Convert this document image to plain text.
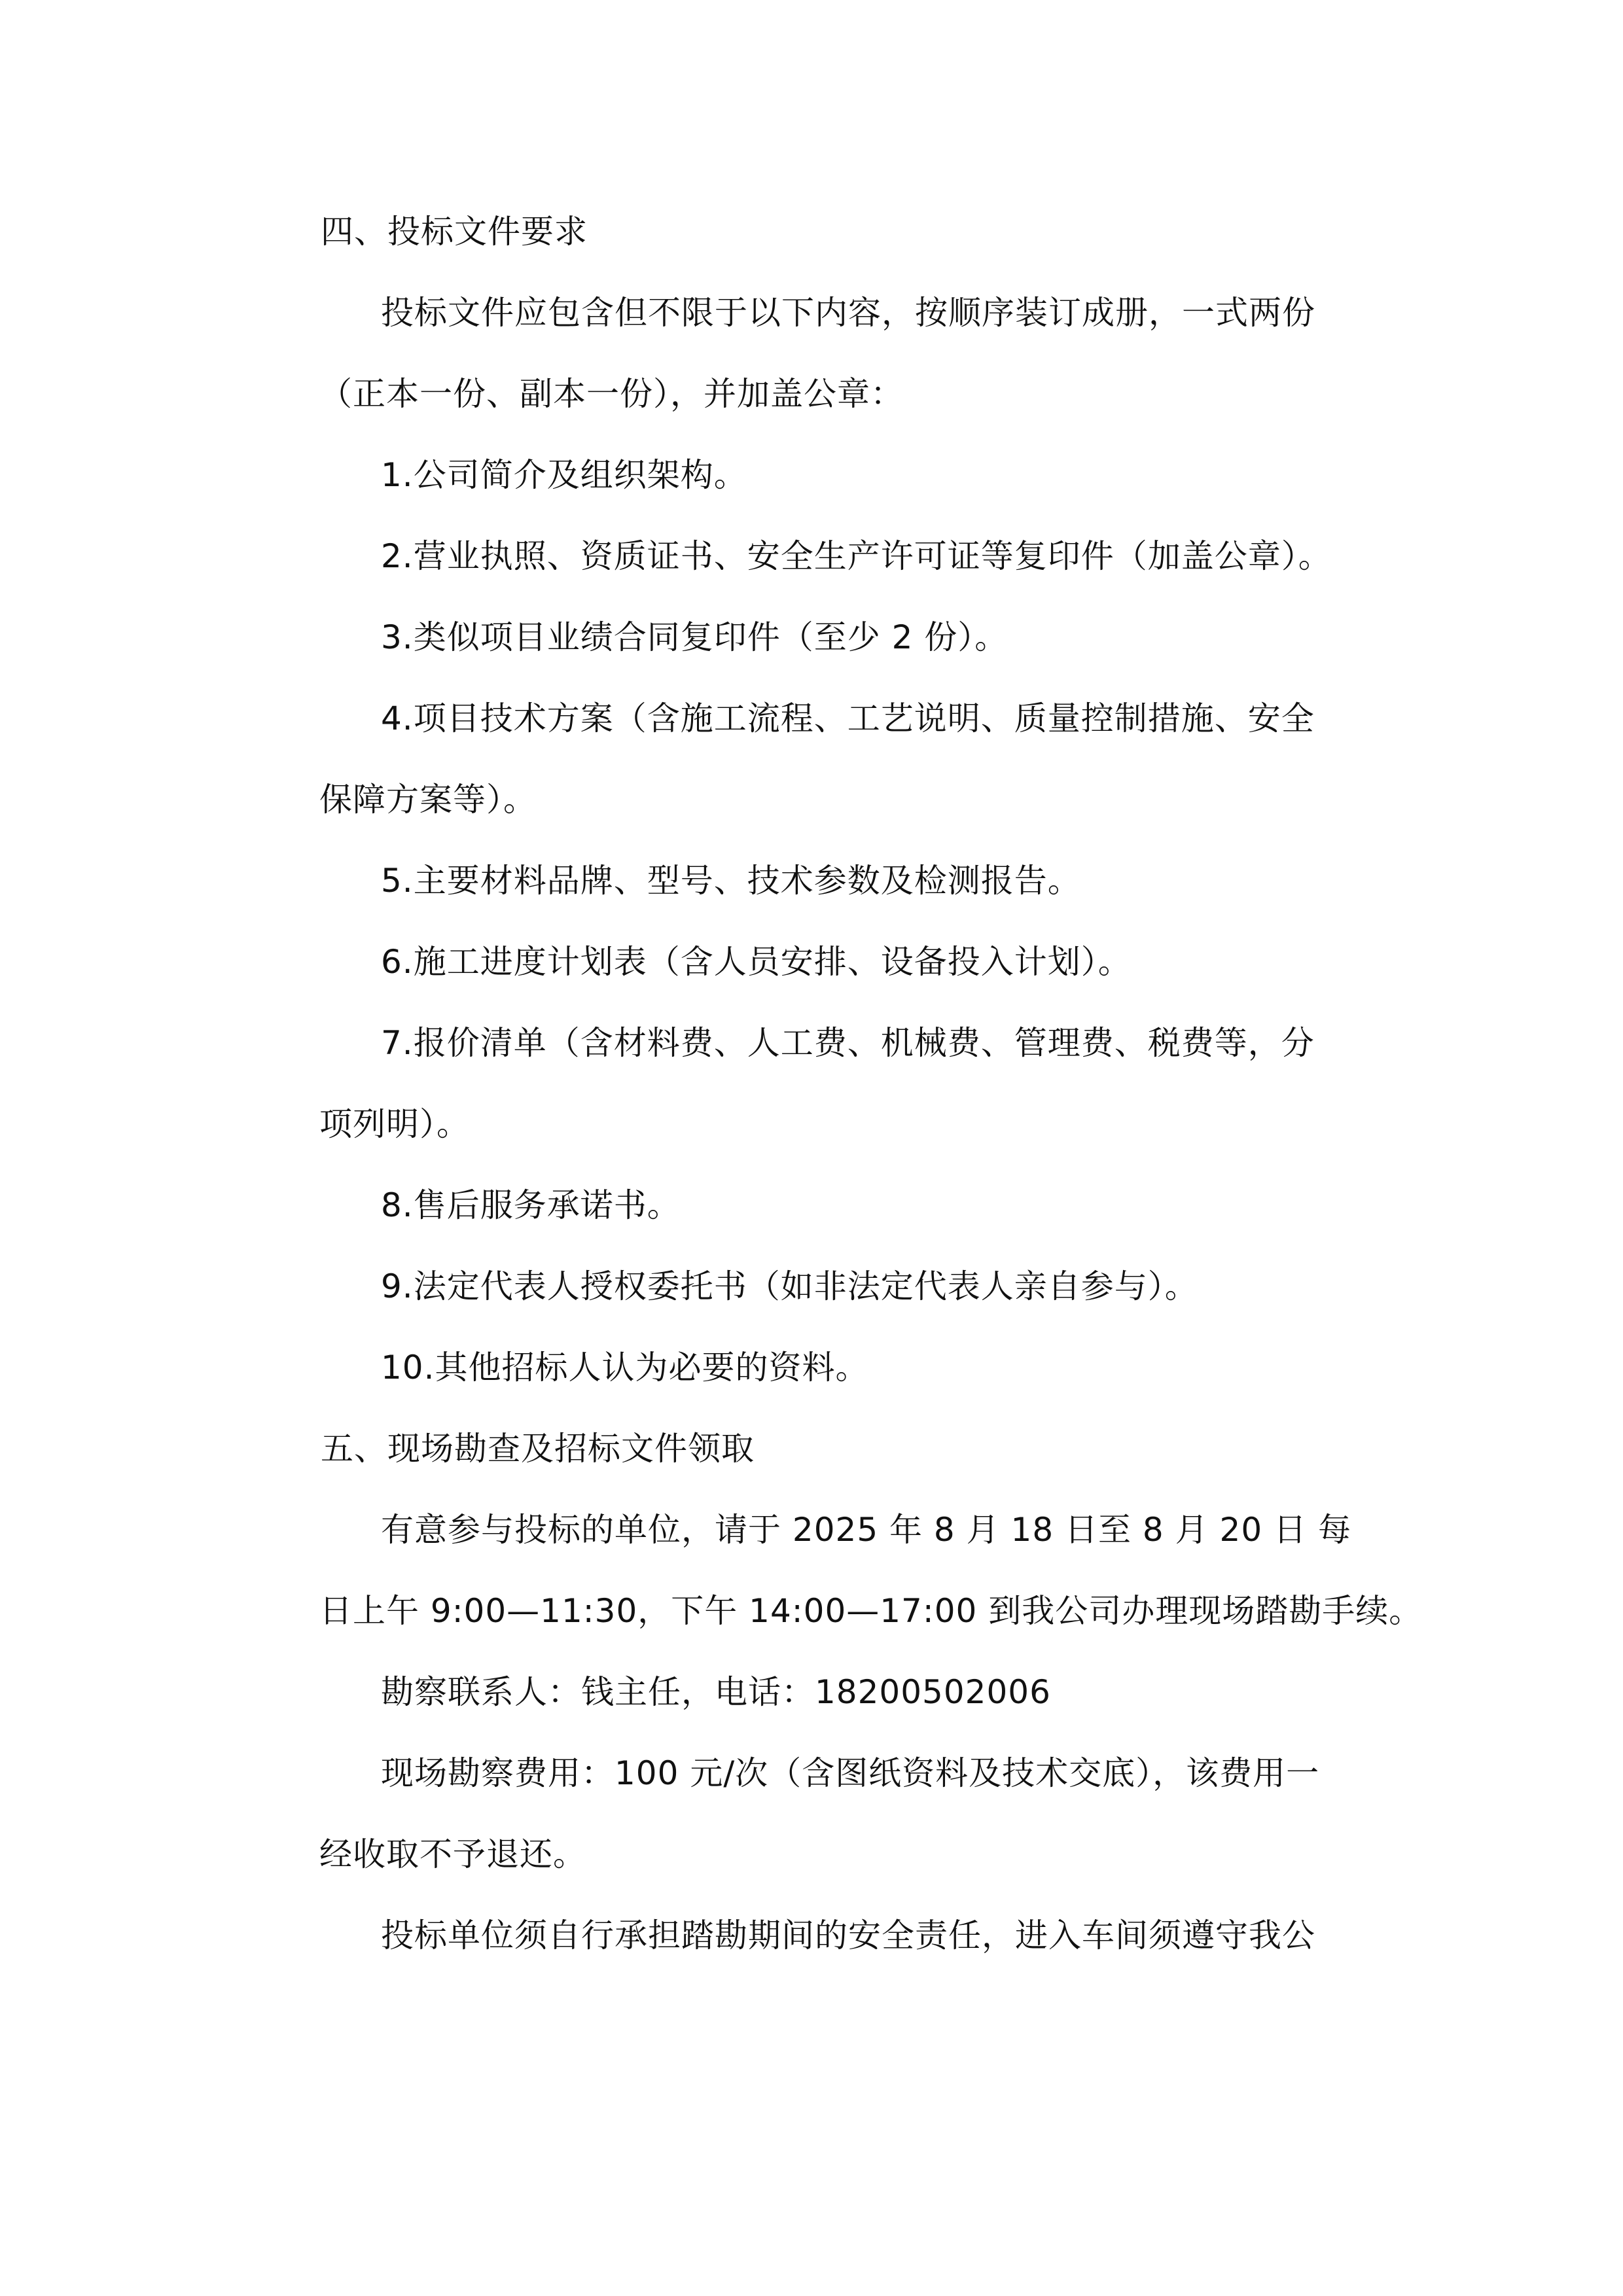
四、投标文件要求
投标文件应包含但不限于以下内容，按顺序装订成册，一式两份
（正本一份、副本一份），并加盖公章：
1.公司简介及组织架构。
2.营业执照、资质证书、安全生产许可证等复印件（加盖公章）。
3.类似项目业绩合同复印件（至少 2 份）。
4.项目技术方案（含施工流程、工艺说明、质量控制措施、安全
保障方案等）。
5.主要材料品牌、型号、技术参数及检测报告。
6.施工进度计划表（含人员安排、设备投入计划）。
7.报价清单（含材料费、人工费、机械费、管理费、税费等，分
项列明）。
8.售后服务承诺书。
9.法定代表人授权委托书（如非法定代表人亲自参与）。
10.其他招标人认为必要的资料。
五、现场勘查及招标文件领取
有意参与投标的单位，请于 2025 年 8 月 18 日至 8 月 20 日 每
日上午 9:00—11:30，下午 14:00—17:00 到我公司办理现场踏勘手续。
勘察联系人：钱主任，电话：18200502006
现场勘察费用：100 元/次（含图纸资料及技术交底），该费用一
经收取不予退还。
投标单位须自行承担踏勘期间的安全责任，进入车间须遵守我公
